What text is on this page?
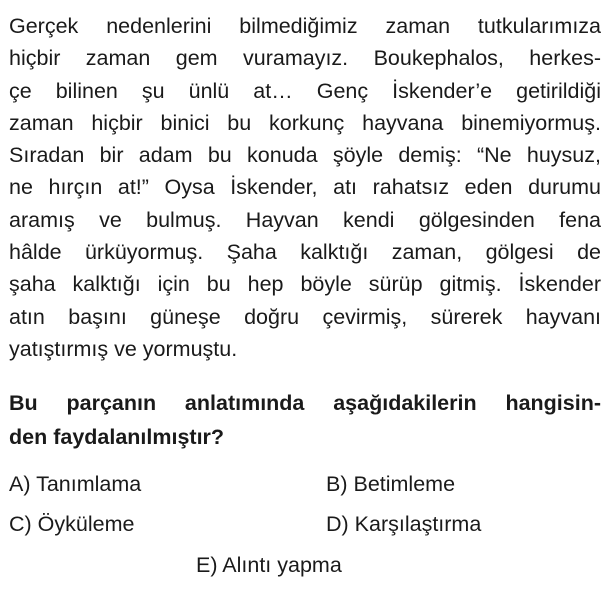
Gerçek nedenlerini bilmediğimiz zaman tutkularımıza
hiçbir zaman gem vuramayız. Boukephalos, herkes-
çe bilinen şu ünlü at… Genç İskender’e getirildiği
zaman hiçbir binici bu korkunç hayvana binemiyormuş.
Sıradan bir adam bu konuda şöyle demiş: “Ne huysuz,
ne hırçın at!” Oysa İskender, atı rahatsız eden durumu
aramış ve bulmuş. Hayvan kendi gölgesinden fena
hâlde ürküyormuş. Şaha kalktığı zaman, gölgesi de
şaha kalktığı için bu hep böyle sürüp gitmiş. İskender
atın başını güneşe doğru çevirmiş, sürerek hayvanı
yatıştırmış ve yormuştu.
Bu parçanın anlatımında aşağıdakilerin hangisin-
den faydalanılmıştır?
A) Tanımlama	B) Betimleme
C) Öyküleme	D) Karşılaştırma
E) Alıntı yapma
